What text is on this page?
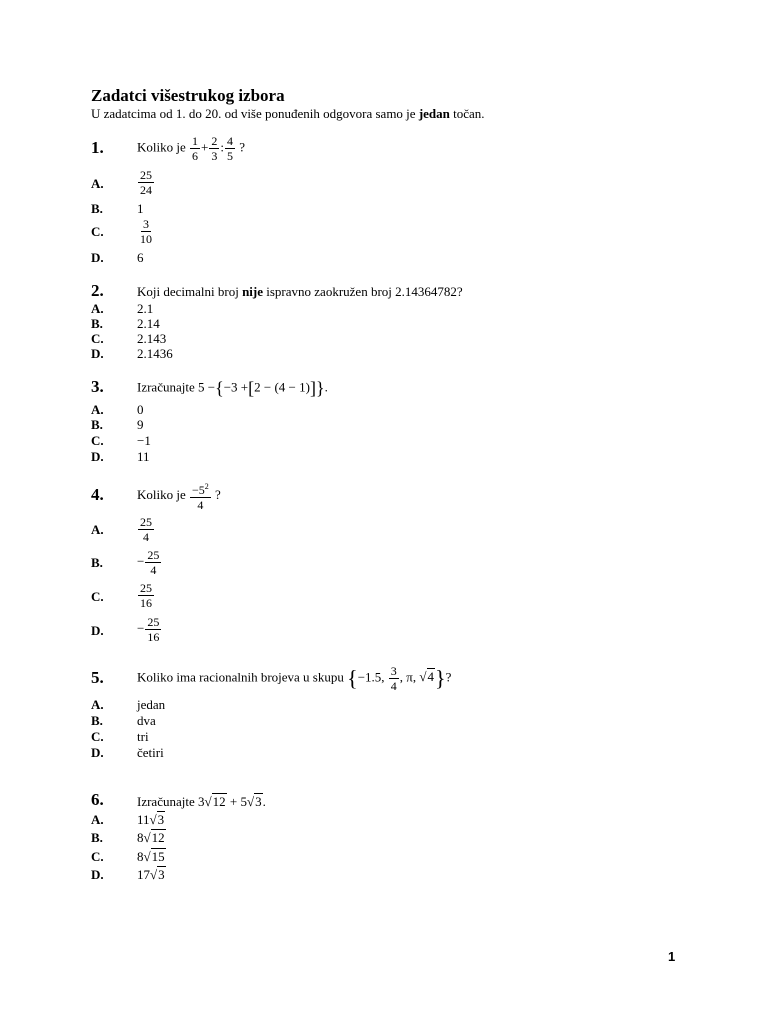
Zadatci višestrukog izbora
U zadatcima od 1. do 20. od više ponuđenih odgovora samo je jedan točan.
1.	Koliko je $\frac{1}{6} + \frac{2}{3}$ : $\frac{4}{5}$ ?
A.	$\frac{25}{24}$
B.	1
C.	$\frac{3}{10}$
D.	6
2.	Koji decimalni broj nije ispravno zaokružen broj 2.14364782?
A.	2.1
B.	2.14
C.	2.143
D.	2.1436
3.	Izračunajte 5 −{−3 +[2 − (4 − 1)]}.
A.	0
B.	9
C.	−1
D.	11
4.	Koliko je $\frac{-5^2}{4}$ ?
A.	$\frac{25}{4}$
B.	− $\frac{25}{4}$
C.	$\frac{25}{16}$
D.	− $\frac{25}{16}$
5.	Koliko ima racionalnih brojeva u skupu {−1.5, $\frac{3}{4}$ , π, √4}?
A.	jedan
B.	dva
C.	tri
D.	četiri
6.	Izračunajte 3√12 + 5√3.
A.	11√3
B.	8√12
C.	8√15
D.	17√3
1
